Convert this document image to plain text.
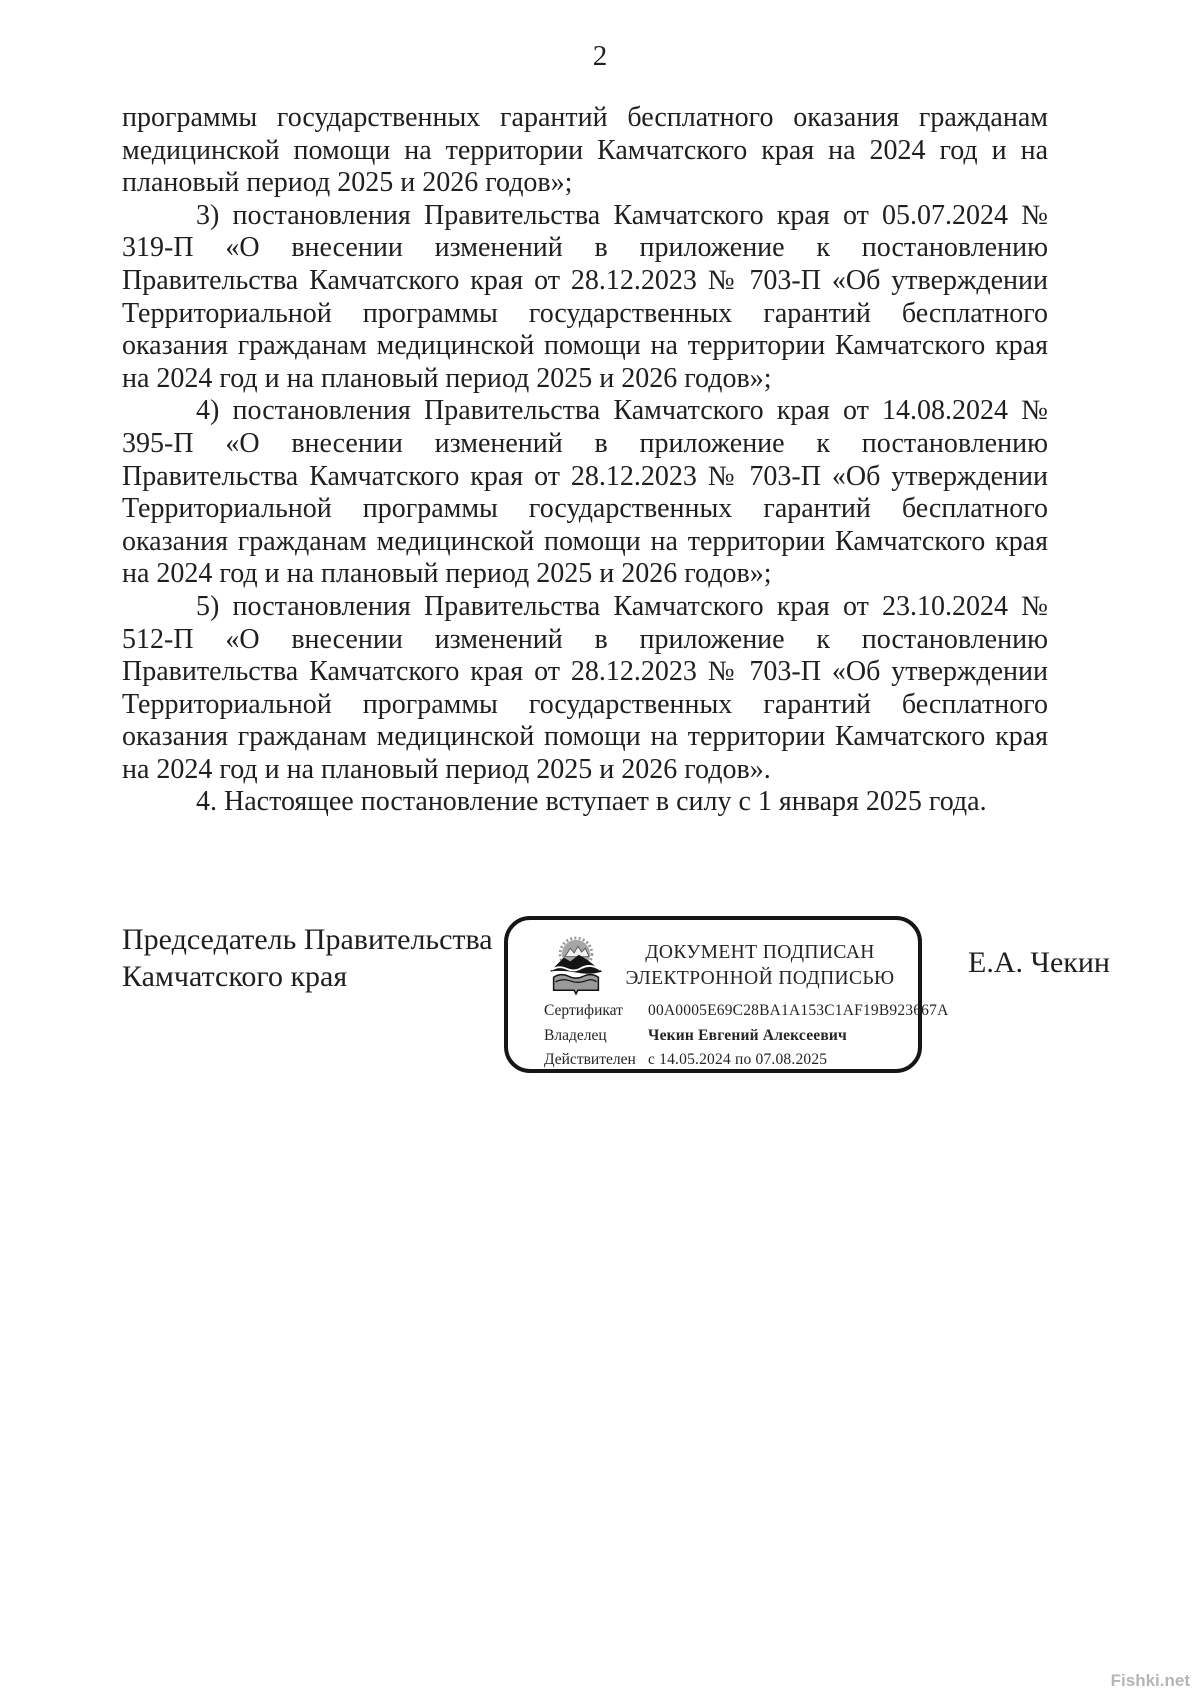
2

программы государственных гарантий бесплатного оказания гражданам медицинской помощи на территории Камчатского края на 2024 год и на плановый период 2025 и 2026 годов»;

3) постановления Правительства Камчатского края от 05.07.2024 № 319-П «О внесении изменений в приложение к постановлению Правительства Камчатского края от 28.12.2023 № 703-П «Об утверждении Территориальной программы государственных гарантий бесплатного оказания гражданам медицинской помощи на территории Камчатского края на 2024 год и на плановый период 2025 и 2026 годов»;

4) постановления Правительства Камчатского края от 14.08.2024 № 395-П «О внесении изменений в приложение к постановлению Правительства Камчатского края от 28.12.2023 № 703-П «Об утверждении Территориальной программы государственных гарантий бесплатного оказания гражданам медицинской помощи на территории Камчатского края на 2024 год и на плановый период 2025 и 2026 годов»;

5) постановления Правительства Камчатского края от 23.10.2024 № 512-П «О внесении изменений в приложение к постановлению Правительства Камчатского края от 28.12.2023 № 703-П «Об утверждении Территориальной программы государственных гарантий бесплатного оказания гражданам медицинской помощи на территории Камчатского края на 2024 год и на плановый период 2025 и 2026 годов».

4. Настоящее постановление вступает в силу с 1 января 2025 года.

Председатель Правительства
Камчатского края
ДОКУМЕНТ ПОДПИСАН
ЭЛЕКТРОННОЙ ПОДПИСЬЮ
Сертификат	00A0005E69C28BA1A153C1AF19B923667A
Владелец	Чекин Евгений Алексеевич
Действителен с 14.05.2024 по 07.08.2025
Е.А. Чекин
Fishki.net
